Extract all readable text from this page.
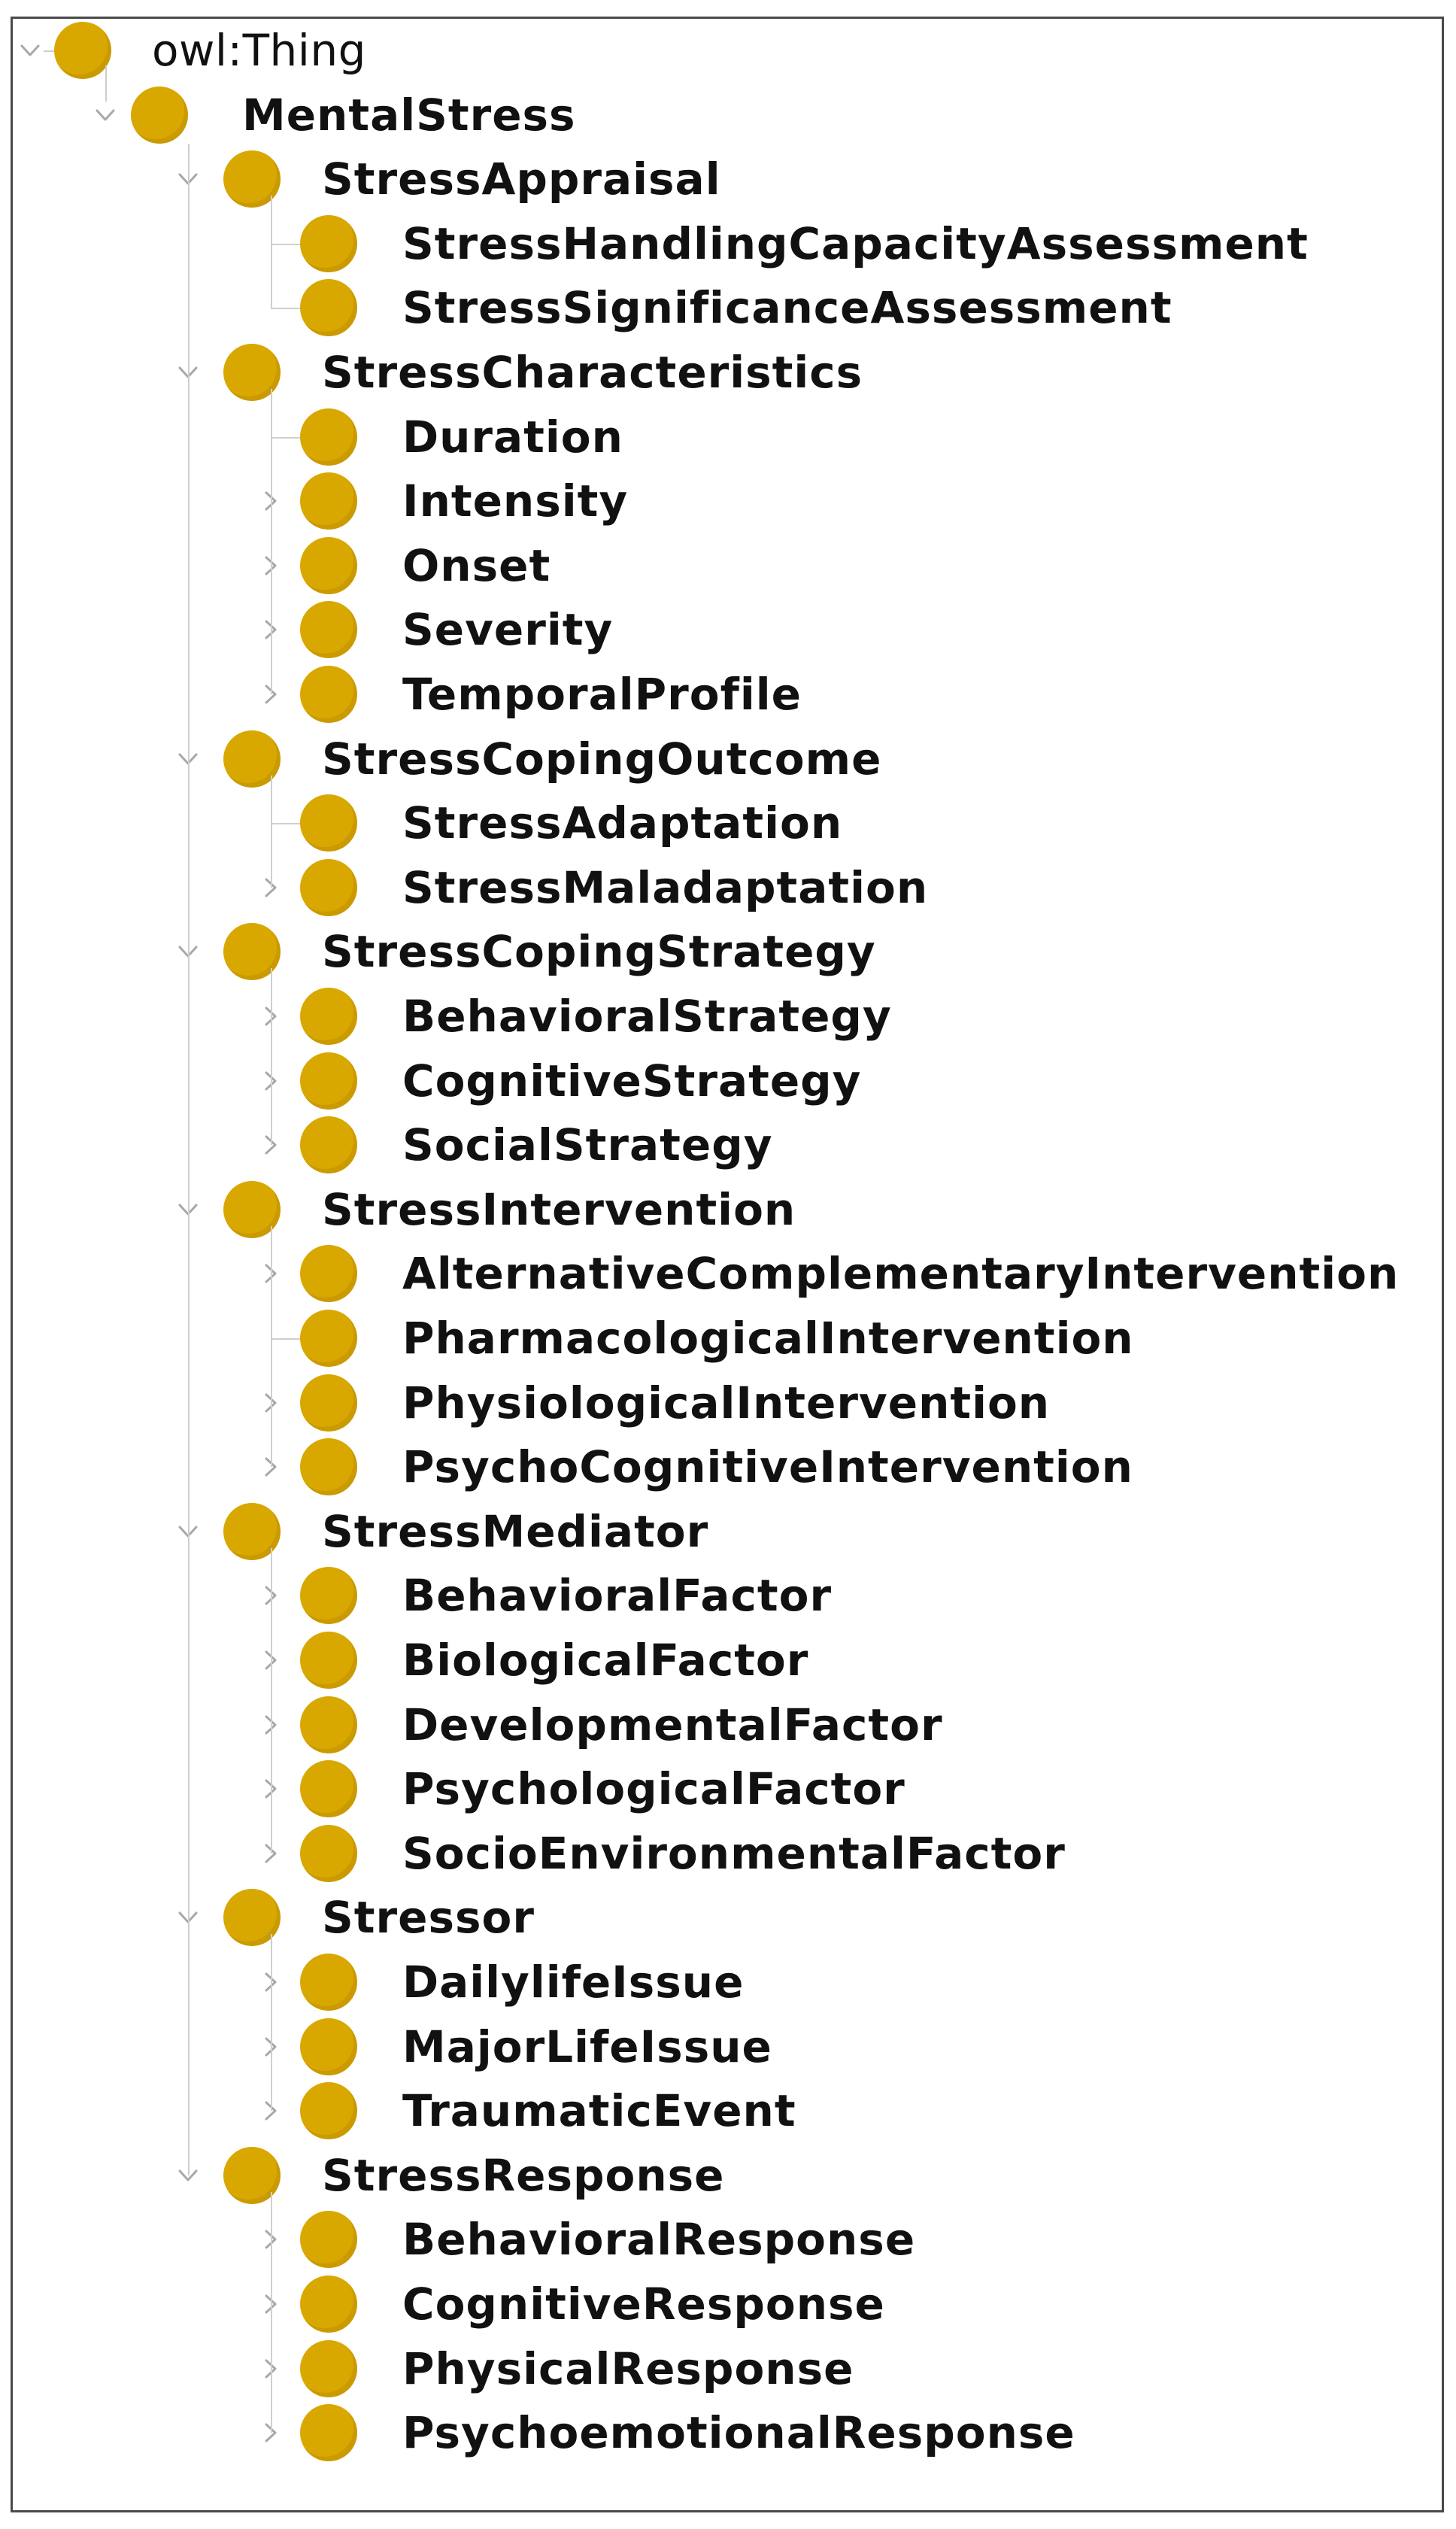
owl:Thing
MentalStress
StressAppraisal
StressHandlingCapacityAssessment
StressSignificanceAssessment
StressCharacteristics
Duration
Intensity
Onset
Severity
TemporalProfile
StressCopingOutcome
StressAdaptation
StressMaladaptation
StressCopingStrategy
BehavioralStrategy
CognitiveStrategy
SocialStrategy
StressIntervention
AlternativeComplementaryIntervention
PharmacologicalIntervention
PhysiologicalIntervention
PsychoCognitiveIntervention
StressMediator
BehavioralFactor
BiologicalFactor
DevelopmentalFactor
PsychologicalFactor
SocioEnvironmentalFactor
Stressor
DailylifeIssue
MajorLifeIssue
TraumaticEvent
StressResponse
BehavioralResponse
CognitiveResponse
PhysicalResponse
PsychoemotionalResponse
